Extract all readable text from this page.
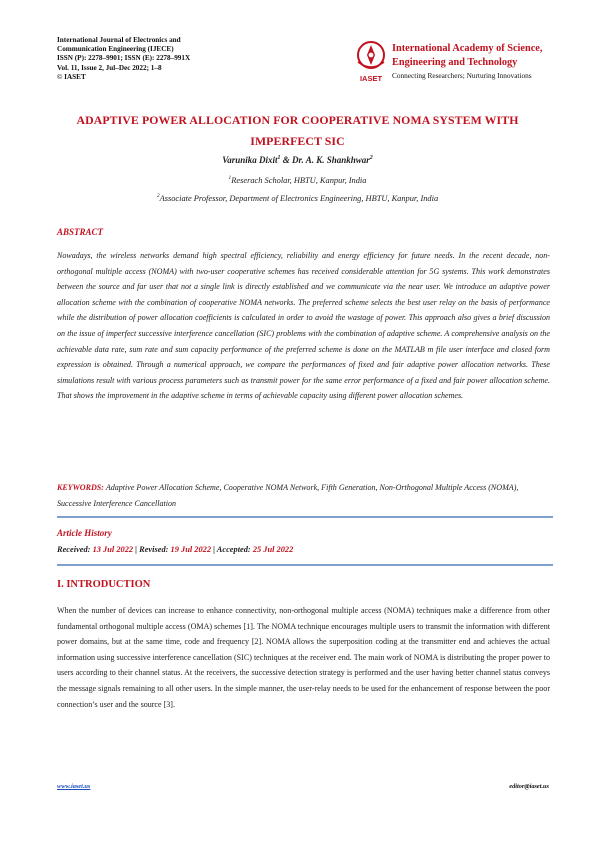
International Journal of Electronics and
Communication Engineering (IJECE)
ISSN (P): 2278–9901; ISSN (E): 2278–991X
Vol. 11, Issue 2, Jul–Dec 2022; 1–8
© IASET	IASET
International Academy of Science,
Engineering and Technology
Connecting Researchers; Nurturing Innovations
ADAPTIVE POWER ALLOCATION FOR COOPERATIVE NOMA SYSTEM WITH
IMPERFECT SIC
Varunika Dixit$^1$ & Dr. A. K. Shankhwar$^2$
$^1$Reserach Scholar, HBTU, Kanpur, India
$^2$Associate Professor, Department of Electronics Engineering, HBTU, Kanpur, India
ABSTRACT
Nowadays, the wireless networks demand high spectral efficiency, reliability and energy efficiency for future needs. In the recent decade, non-orthogonal multiple access (NOMA) with two-user cooperative schemes has received considerable attention for 5G systems. This work demonstrates between the source and far user that not a single link is directly established and we communicate via the near user. We introduce an adaptive power allocation scheme with the combination of cooperative NOMA networks. The preferred scheme selects the best user relay on the basis of performance while the distribution of power allocation coefficients is calculated in order to avoid the wastage of power. This approach also gives a brief discussion on the issue of imperfect successive interference cancellation (SIC) problems with the combination of adaptive scheme. A comprehensive analysis on the achievable data rate, sum rate and sum capacity performance of the preferred scheme is done on the MATLAB m file user interface and closed form expression is obtained. Through a numerical approach, we compare the performances of fixed and fair adaptive power allocation networks. These simulations result with various process parameters such as transmit power for the same error performance of a fixed and fair power allocation scheme. That shows the improvement in the adaptive scheme in terms of achievable capacity using different power allocation schemes.
KEYWORDS: Adaptive Power Allocation Scheme, Cooperative NOMA Network, Fifth Generation, Non-Orthogonal Multiple Access (NOMA), Successive Interference Cancellation
Article History
Received: 13 Jul 2022 | Revised: 19 Jul 2022 | Accepted: 25 Jul 2022
I. INTRODUCTION
When the number of devices can increase to enhance connectivity, non-orthogonal multiple access (NOMA) techniques make a difference from other fundamental orthogonal multiple access (OMA) schemes [1]. The NOMA technique encourages multiple users to transmit the information with different power domains, but at the same time, code and frequency [2]. NOMA allows the superposition coding at the transmitter end and achieves the actual information using successive interference cancellation (SIC) techniques at the receiver end. The main work of NOMA is distributing the proper power to users according to their channel status. At the receivers, the successive detection strategy is performed and the user having better channel status conveys the message signals remaining to all other users. In the simple manner, the user-relay needs to be used for the enhancement of response between the poor connection’s user and the source [3].
www.iaset.us	editor@iaset.us
